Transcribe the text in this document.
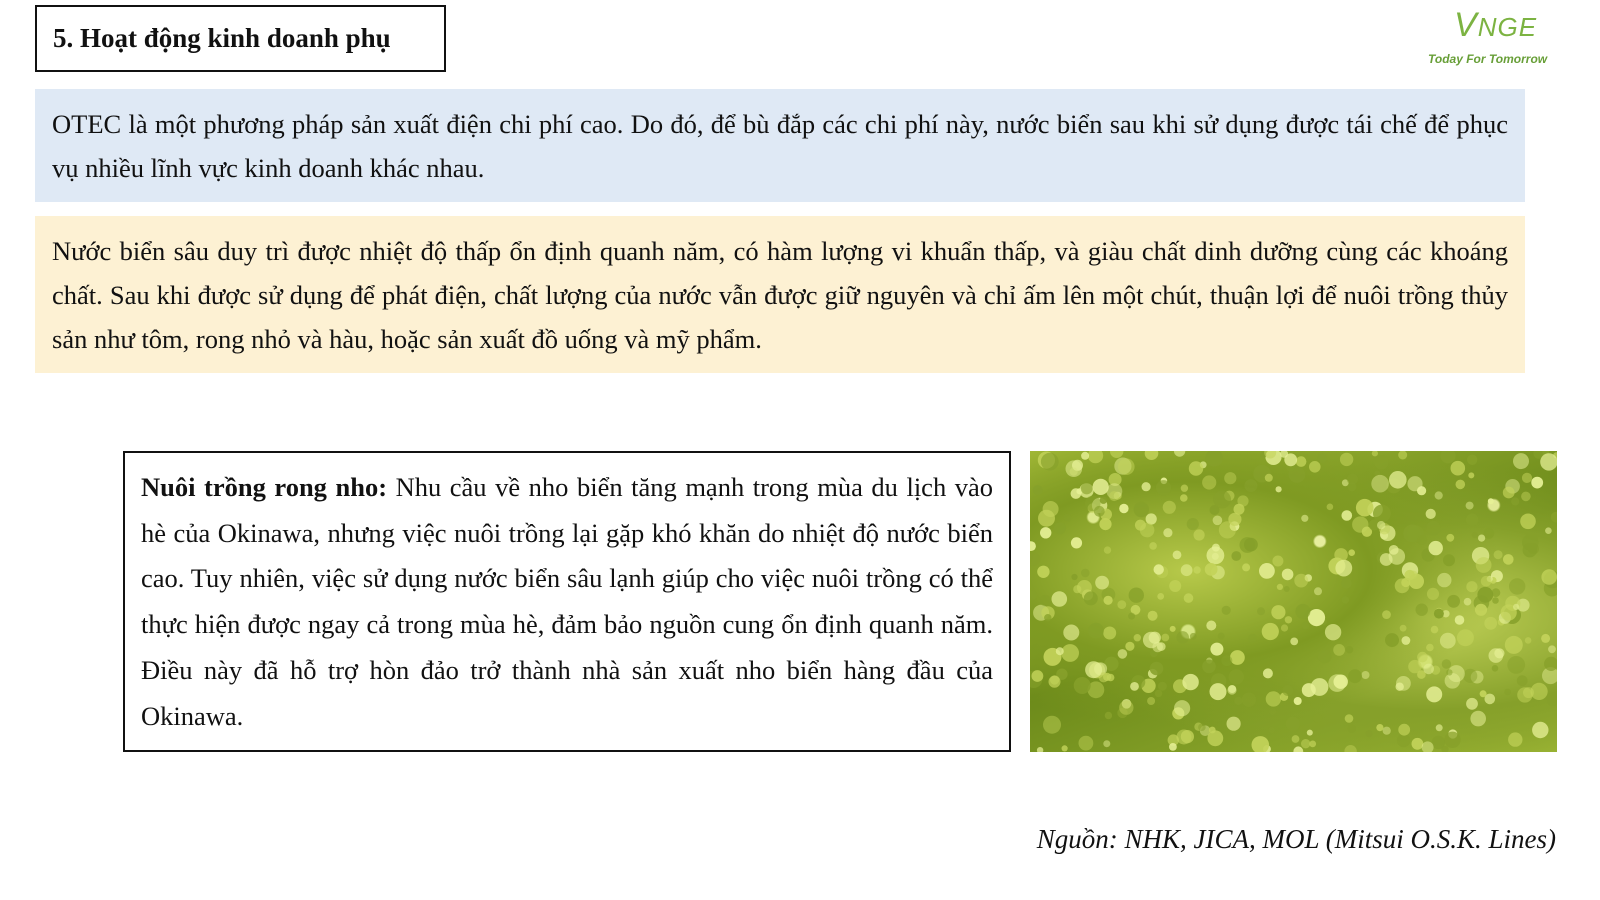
5. Hoạt động kinh doanh phụ	VNGE
Today For Tomorrow

OTEC là một phương pháp sản xuất điện chi phí cao. Do đó, để bù đắp các chi phí này, nước biển sau khi sử dụng được tái chế để phục vụ nhiều lĩnh vực kinh doanh khác nhau.

Nước biển sâu duy trì được nhiệt độ thấp ổn định quanh năm, có hàm lượng vi khuẩn thấp, và giàu chất dinh dưỡng cùng các khoáng chất. Sau khi được sử dụng để phát điện, chất lượng của nước vẫn được giữ nguyên và chỉ ấm lên một chút, thuận lợi để nuôi trồng thủy sản như tôm, rong nhỏ và hàu, hoặc sản xuất đồ uống và mỹ phẩm.

Nuôi trồng rong nho: Nhu cầu về nho biển tăng mạnh trong mùa du lịch vào hè của Okinawa, nhưng việc nuôi trồng lại gặp khó khăn do nhiệt độ nước biển cao. Tuy nhiên, việc sử dụng nước biển sâu lạnh giúp cho việc nuôi trồng có thể thực hiện được ngay cả trong mùa hè, đảm bảo nguồn cung ổn định quanh năm. Điều này đã hỗ trợ hòn đảo trở thành nhà sản xuất nho biển hàng đầu của Okinawa.

Nguồn: NHK, JICA, MOL (Mitsui O.S.K. Lines)
